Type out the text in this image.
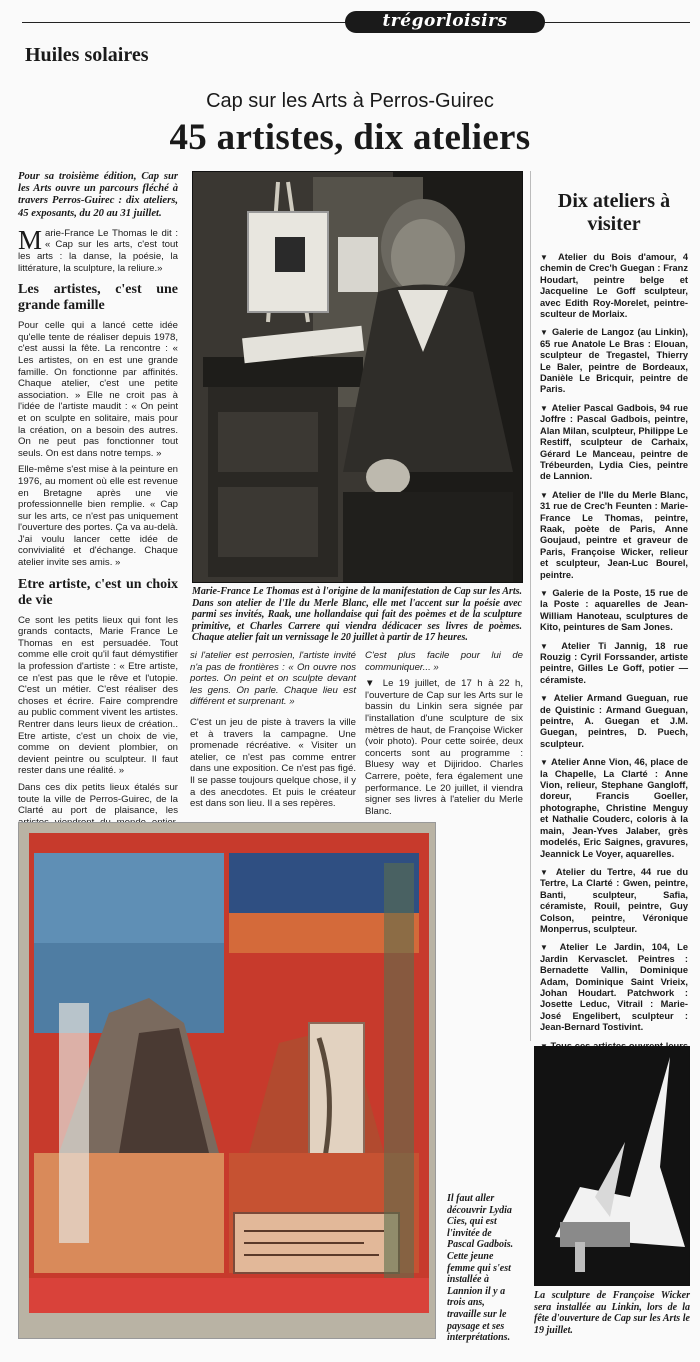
trégorloisirs
Huiles solaires
Cap sur les Arts à Perros-Guirec
45 artistes, dix ateliers

Pour sa troisième édition, Cap sur les Arts ouvre un parcours fléché à travers Perros-Guirec : dix ateliers, 45 exposants, du 20 au 31 juillet.

Marie-France Le Thomas le dit : « Cap sur les arts, c'est tout les arts : la danse, la poésie, la littérature, la sculpture, la reliure.»

Les artistes, c'est une grande famille

Pour celle qui a lancé cette idée qu'elle tente de réaliser depuis 1978, c'est aussi la fête. La rencontre : « Les artistes, on en est une grande famille. On fonctionne par affinités. Chaque atelier, c'est une petite association. » Elle ne croit pas à l'idée de l'artiste maudit : « On peint et on sculpte en solitaire, mais pour la création, on a besoin des autres. On ne peut pas fonctionner tout seuls. On est dans notre temps. »

Elle-même s'est mise à la peinture en 1976, au moment où elle est revenue en Bretagne après une vie professionnelle bien remplie. « Cap sur les arts, ce n'est pas uniquement l'ouverture des portes. Ça va au-delà. J'ai voulu lancer cette idée de convivialité et d'échange. Chaque atelier invite ses amis. »

Etre artiste, c'est un choix de vie

Ce sont les petits lieux qui font les grands contacts, Marie France Le Thomas en est persuadée. Tout comme elle croit qu'il faut démystifier la profession d'artiste : « Etre artiste, ce n'est pas que le rêve et l'utopie. C'est un métier. C'est réaliser des choses et écrire. Faire comprendre au public comment vivent les artistes. Rentrer dans leurs lieux de création.. Etre artiste, c'est un choix de vie, comme on devient plombier, on devient peintre ou sculpteur. Il faut rester dans une réalité. »

Dans ces dix petits lieux étalés sur toute la ville de Perros-Guirec, de la Clarté au port de plaisance, les

Marie-France Le Thomas est à l'origine de la manifestation de Cap sur les Arts. Dans son atelier de l'Ile du Merle Blanc, elle met l'accent sur la poésie avec parmi ses invités, Raak, une hollandaise qui fait des poèmes et de la sculpture primitive, et Charles Carrere qui viendra dédicacer ses livres de poèmes. Chaque atelier fait un vernissage le 20 juillet à partir de 17 heures.

si l'atelier est perrosien, l'artiste invité n'a pas de frontières : « On ouvre nos portes. On peint et on sculpte devant les gens. On parle. Chaque lieu est différent et surprenant. »

C'est un jeu de piste à travers la ville et à travers la campagne. Une promenade récréative. « Visiter un atelier, ce n'est pas comme entrer dans une exposition. Ce n'est pas figé. Il se passe toujours quelque chose, il y a des anecdotes. Et puis le créateur est dans son lieu. Il a ses repères.

C'est plus facile pour lui de communiquer... »

▼ Le 19 juillet, de 17 h à 22 h, l'ouverture de Cap sur les Arts sur le bassin du Linkin sera signée par l'installation d'une sculpture de six mètres de haut, de Françoise Wicker (voir photo). Pour cette soirée, deux concerts sont au programme : Bluesy way et Dijiridoo. Charles Carrere, poète, fera également une performance. Le 20 juillet, il viendra signer ses livres à l'atelier du Merle Blanc.

Dix ateliers à visiter

▼ Atelier du Bois d'amour, 4 chemin de Crec'h Guegan : Franz Houdart, peintre belge et Jacqueline Le Goff sculpteur, avec Edith Roy-Morelet, peintre-sculteur de Morlaix.

▼ Galerie de Langoz (au Linkin), 65 rue Anatole Le Bras : Elouan, sculpteur de Tregastel, Thierry Le Baler, peintre de Bordeaux, Danièle Le Bricquir, peintre de Paris.

▼ Atelier Pascal Gadbois, 94 rue Joffre : Pascal Gadbois, peintre, Alan Milan, sculpteur, Philippe Le Restiff, sculpteur de Carhaix, Gérard Le Manceau, peintre de Trébeurden, Lydia Cies, peintre de Lannion.

▼ Atelier de l'Ile du Merle Blanc, 31 rue de Crec'h Feunten : Marie-France Le Thomas, peintre, Raak, poète de Paris, Anne Goujaud, peintre et graveur de Paris, Françoise Wicker, relieur et sculpteur, Jean-Luc Bourel, peintre.

▼ Galerie de la Poste, 15 rue de la Poste : aquarelles de Jean-William Hanoteau, sculptures de Kito, peintures de Sam Jones.

▼ Atelier Ti Jannig, 18 rue Rouzig : Cyril Forssander, artiste peintre, Gilles Le Goff, potier — céramiste.

▼ Atelier Armand Gueguan, rue de Quistinic : Armand Gueguan, peintre, A. Guegan et J.M. Guegan, peintres, D. Puech, sculpteur.

▼ Atelier Anne Vion, 46, place de la Chapelle, La Clarté : Anne Vion, relieur, Stephane Gangloff, doreur, Francis Goeller, photographe, Christine Menguy et Nathalie Couderc, coloris à la main, Jean-Yves Jalaber, grès modelés, Eric Saignes, gravures, Jeannick Le Voyer, aquarelles.

▼ Atelier du Tertre, 44 rue du Tertre, La Clarté : Gwen, peintre, Banti, sculpteur, Safia, céramiste, Rouil, peintre, Guy Colson, peintre, Véronique Monperrus, sculpteur.

▼ Atelier Le Jardin, 104, Le Jardin Kervasclet. Peintres : Bernadette Vallin, Dominique Adam, Dominique Saint Vrieix, Johan Houdart. Patchwork : Josette Leduc, Vitrail : Marie-José Engelibert, sculpteur : Jean-Bernard Tostivint.

Il faut aller découvrir Lydia Cies, qui est l'invitée de Pascal Gadbois. Cette jeune femme qui s'est installée à Lannion il y a trois ans, travaille sur le paysage et ses interprétations.
La sculpture de Françoise Wicker sera installée au Linkin, lors de la fête d'ouverture de Cap sur les Arts le 19 juillet.
